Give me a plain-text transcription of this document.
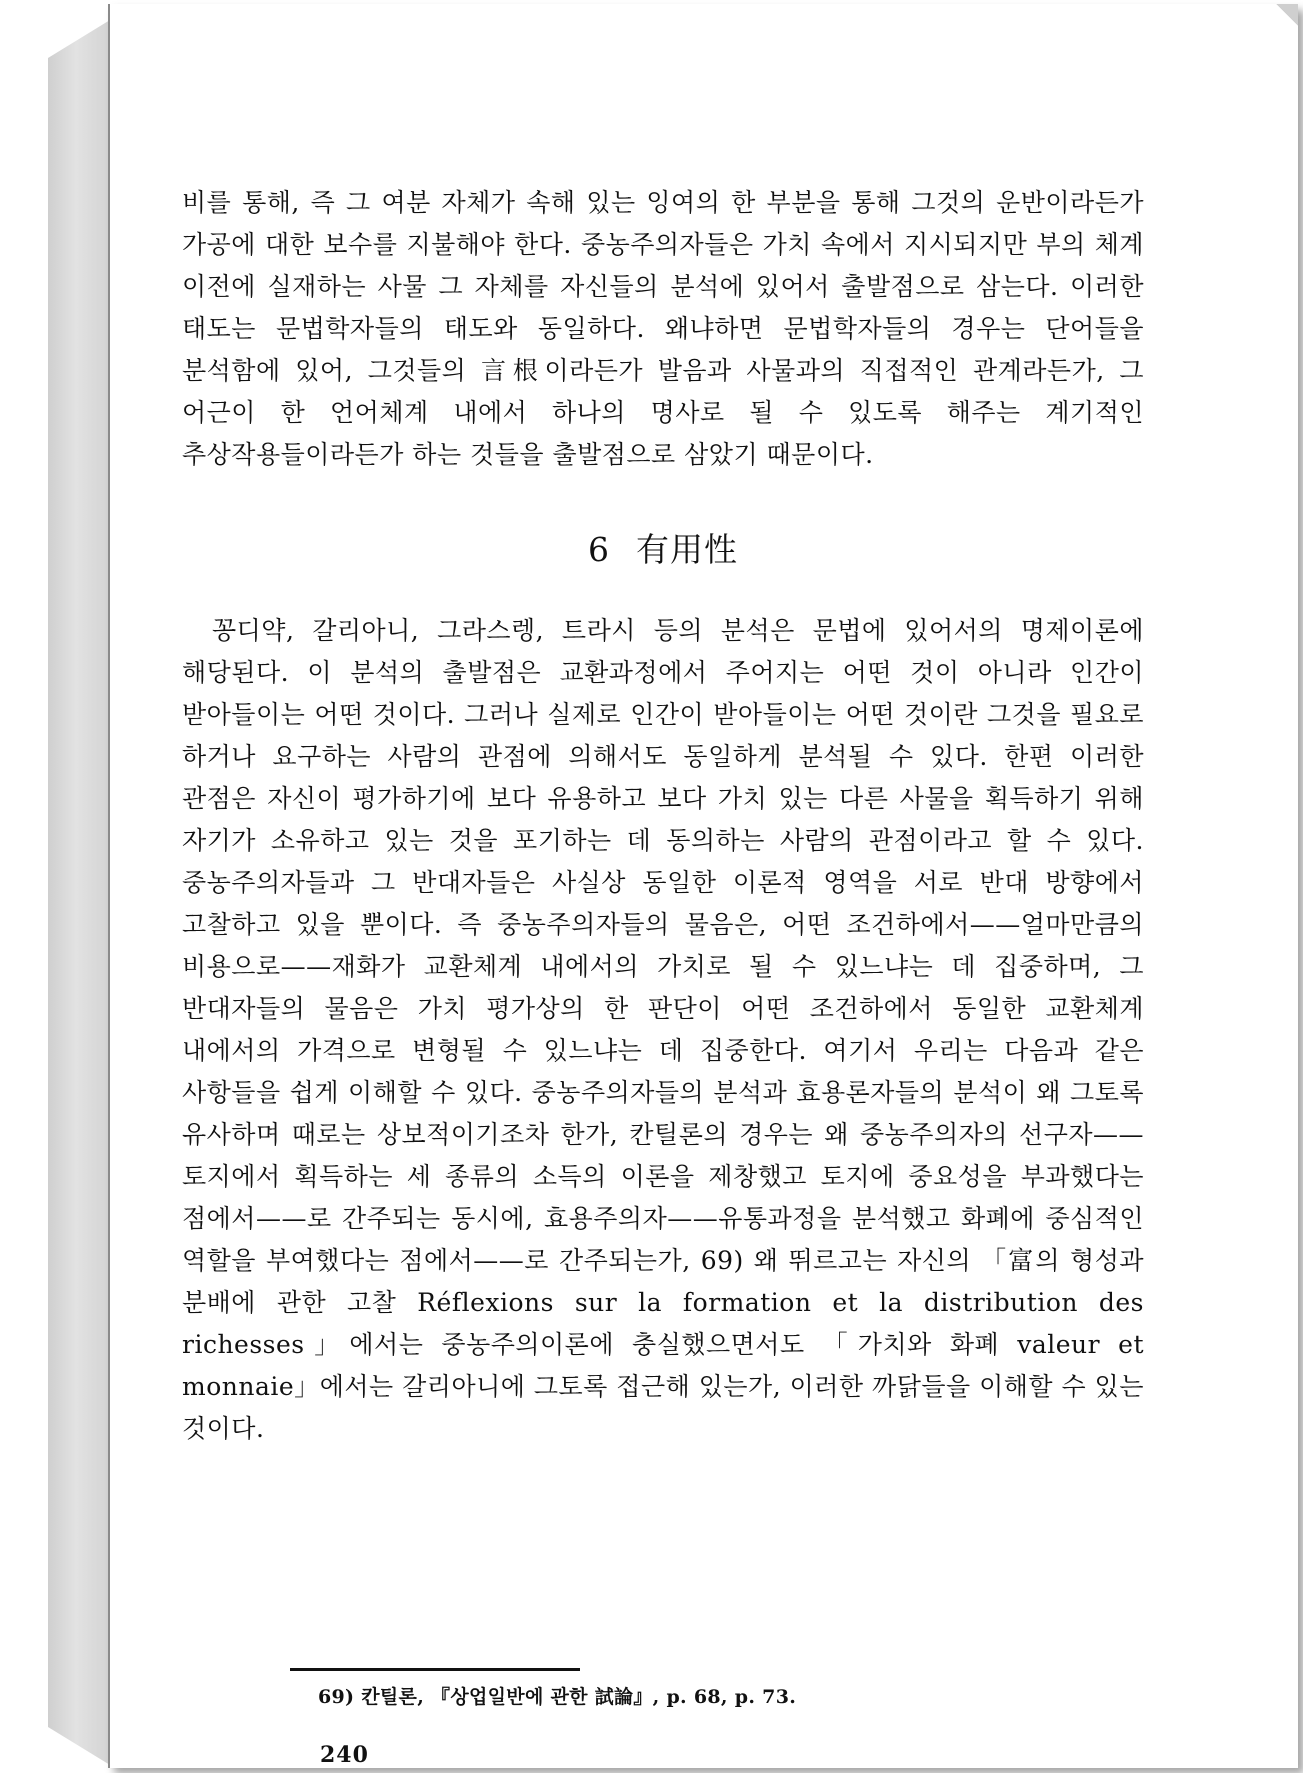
비를 통해, 즉 그 여분 자체가 속해 있는 잉여의 한 부분을 통해 그것의 운반이라든가 가공에 대한 보수를 지불해야 한다. 중농주의자들은 가치 속에서 지시되지만 부의 체계 이전에 실재하는 사물 그 자체를 자신들의 분석에 있어서 출발점으로 삼는다. 이러한 태도는 문법학자들의 태도와 동일하다. 왜냐하면 문법학자들의 경우는 단어들을 분석함에 있어, 그것들의 言根이라든가 발음과 사물과의 직접적인 관계라든가, 그 어근이 한 언어체계 내에서 하나의 명사로 될 수 있도록 해주는 계기적인 추상작용들이라든가 하는 것들을 출발점으로 삼았기 때문이다.

6 有用性

꽁디약, 갈리아니, 그라스렝, 트라시 등의 분석은 문법에 있어서의 명제이론에 해당된다. 이 분석의 출발점은 교환과정에서 주어지는 어떤 것이 아니라 인간이 받아들이는 어떤 것이다. 그러나 실제로 인간이 받아들이는 어떤 것이란 그것을 필요로 하거나 요구하는 사람의 관점에 의해서도 동일하게 분석될 수 있다. 한편 이러한 관점은 자신이 평가하기에 보다 유용하고 보다 가치 있는 다른 사물을 획득하기 위해 자기가 소유하고 있는 것을 포기하는 데 동의하는 사람의 관점이라고 할 수 있다. 중농주의자들과 그 반대자들은 사실상 동일한 이론적 영역을 서로 반대 방향에서 고찰하고 있을 뿐이다. 즉 중농주의자들의 물음은, 어떤 조건하에서——얼마만큼의 비용으로——재화가 교환체계 내에서의 가치로 될 수 있느냐는 데 집중하며, 그 반대자들의 물음은 가치 평가상의 한 판단이 어떤 조건하에서 동일한 교환체계 내에서의 가격으로 변형될 수 있느냐는 데 집중한다. 여기서 우리는 다음과 같은 사항들을 쉽게 이해할 수 있다. 중농주의자들의 분석과 효용론자들의 분석이 왜 그토록 유사하며 때로는 상보적이기조차 한가, 칸틸론의 경우는 왜 중농주의자의 선구자——토지에서 획득하는 세 종류의 소득의 이론을 제창했고 토지에 중요성을 부과했다는 점에서——로 간주되는 동시에, 효용주의자——유통과정을 분석했고 화폐에 중심적인 역할을 부여했다는 점에서——로 간주되는가, 69) 왜 뛰르고는 자신의 「富의 형성과 분배에 관한 고찰 Réflexions sur la formation et la distribution des richesses」에서는 중농주의이론에 충실했으면서도 「가치와 화폐 valeur et monnaie」에서는 갈리아니에 그토록 접근해 있는가, 이러한 까닭들을 이해할 수 있는 것이다.

69) 칸틸론, 『상업일반에 관한 試論』, p. 68, p. 73.
240
